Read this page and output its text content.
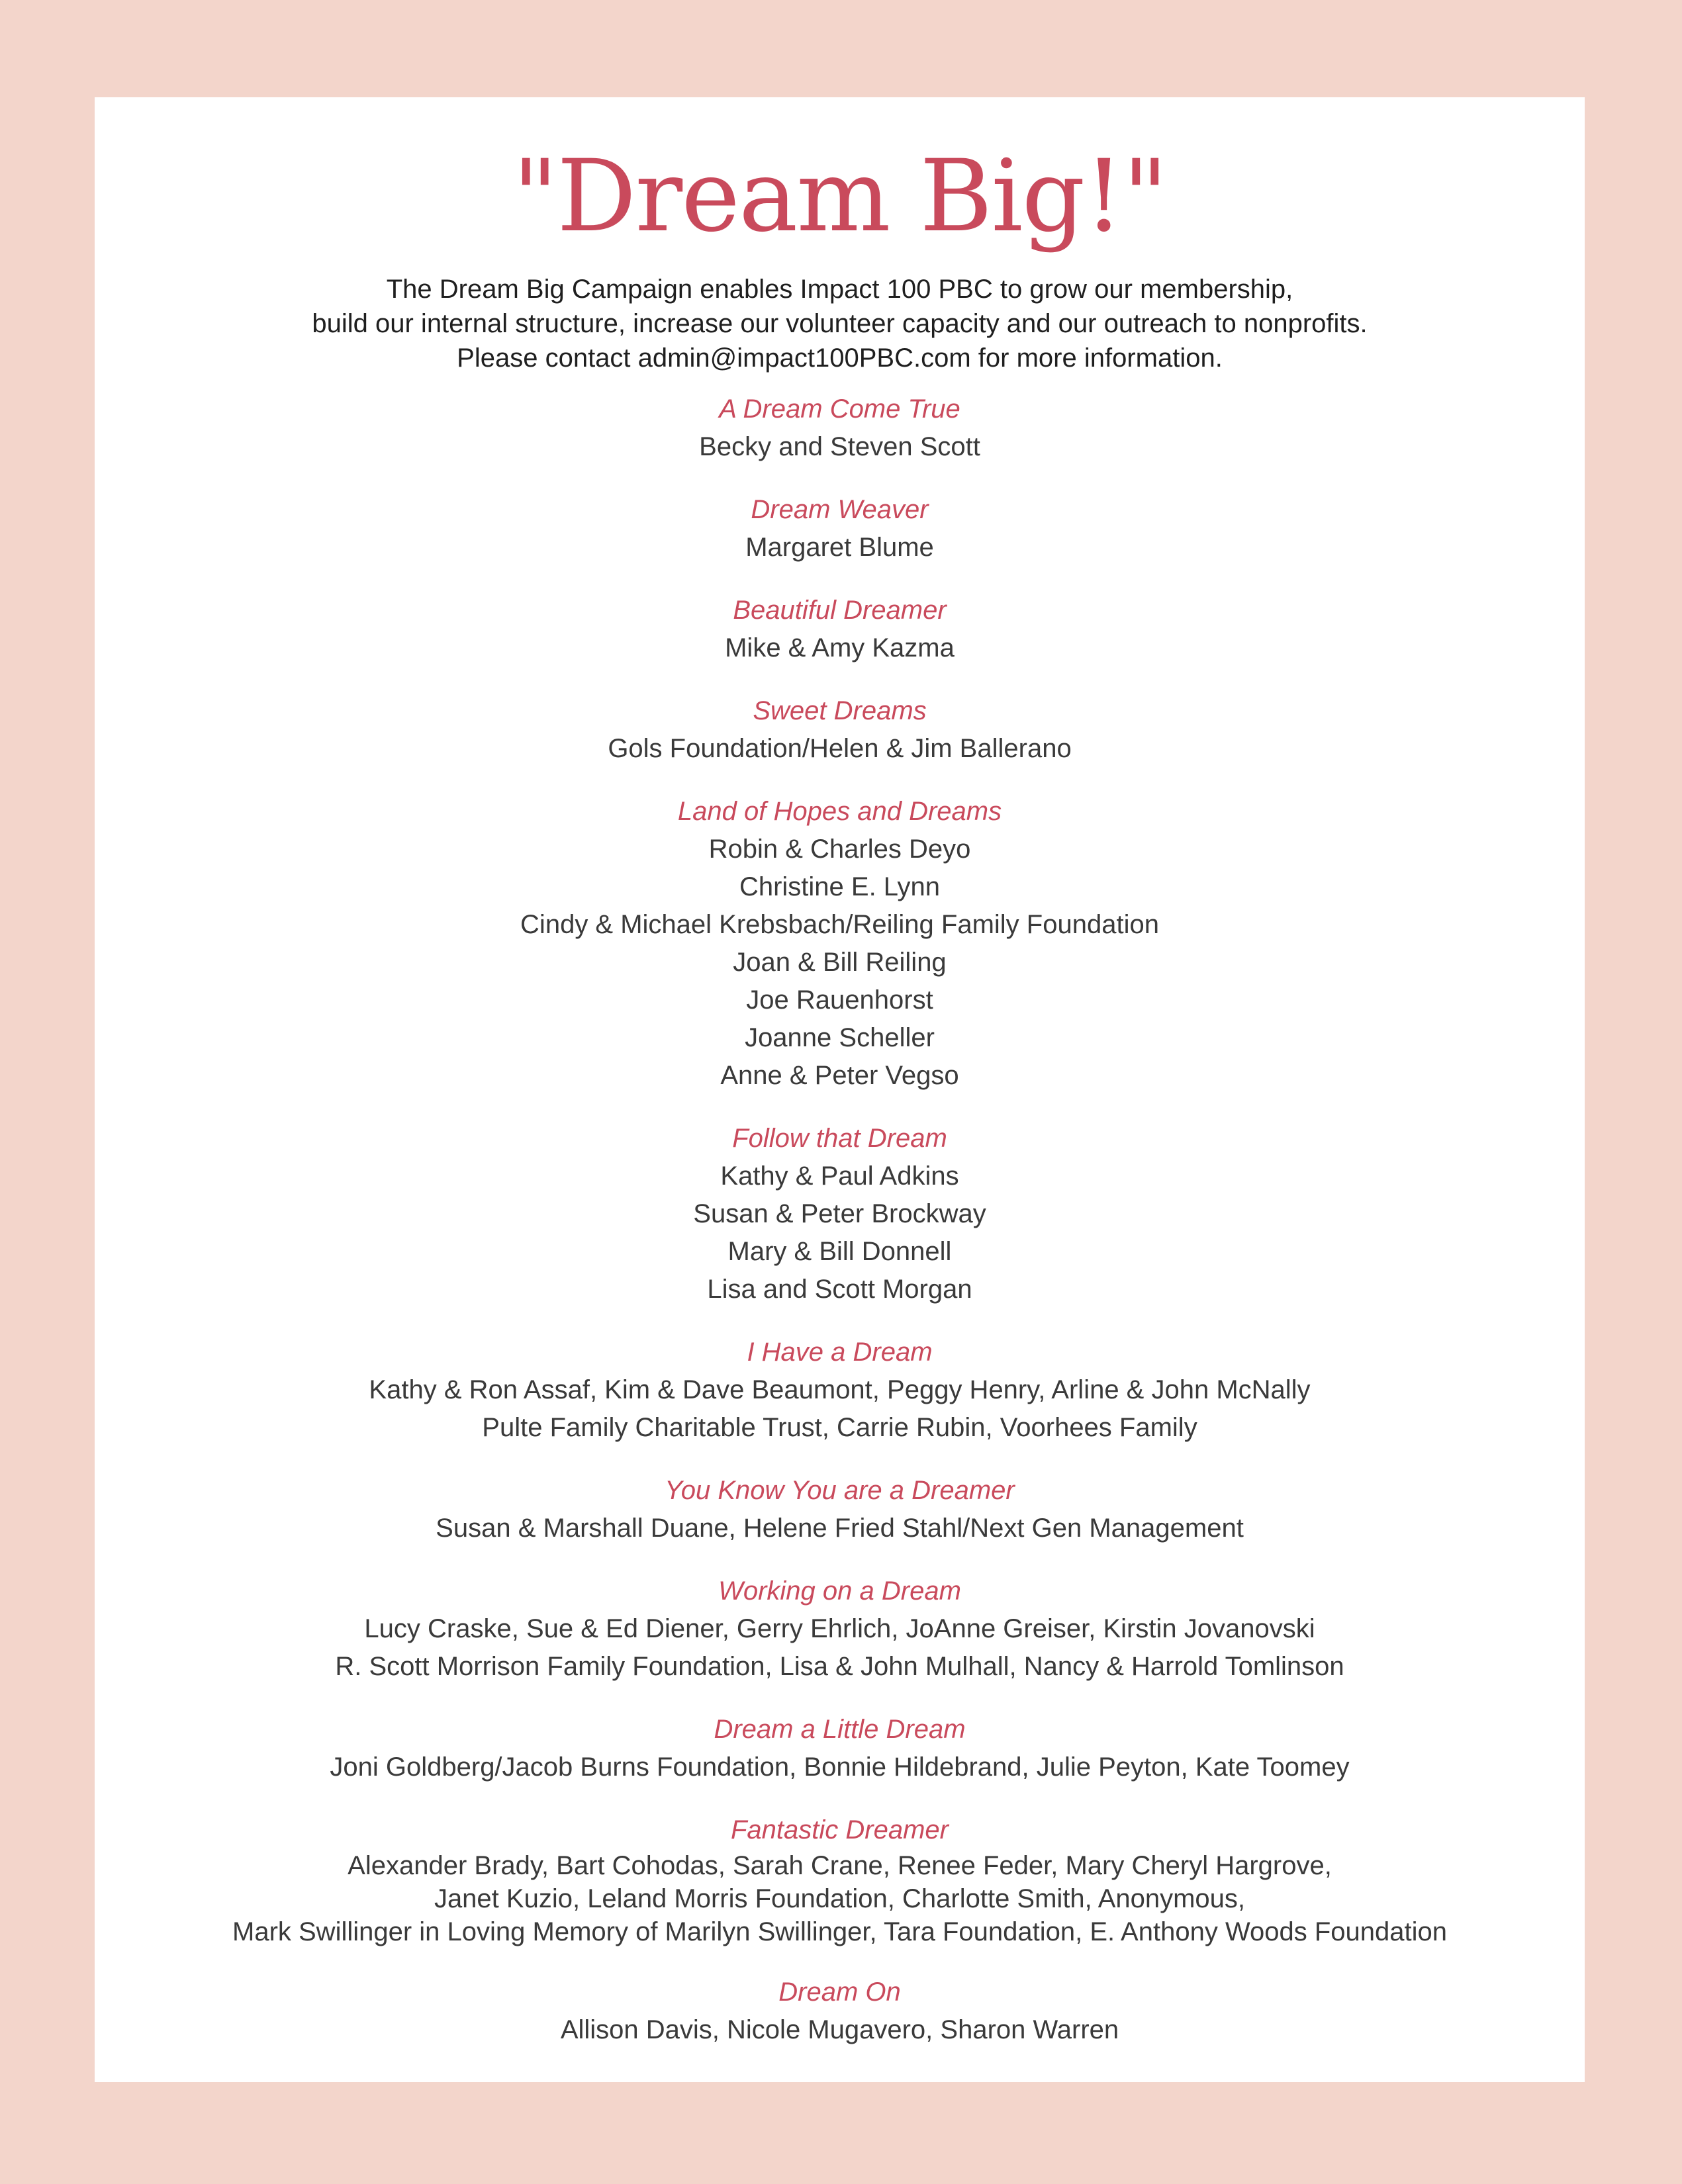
"Dream Big!"
The Dream Big Campaign enables Impact 100 PBC to grow our membership,
build our internal structure, increase our volunteer capacity and our outreach to nonprofits.
Please contact admin@impact100PBC.com for more information.
A Dream Come True
Becky and Steven Scott
Dream Weaver
Margaret Blume
Beautiful Dreamer
Mike & Amy Kazma
Sweet Dreams
Gols Foundation/Helen & Jim Ballerano
Land of Hopes and Dreams
Robin & Charles Deyo
Christine E. Lynn
Cindy & Michael Krebsbach/Reiling Family Foundation
Joan & Bill Reiling
Joe Rauenhorst
Joanne Scheller
Anne & Peter Vegso
Follow that Dream
Kathy & Paul Adkins
Susan & Peter Brockway
Mary & Bill Donnell
Lisa and Scott Morgan
I Have a Dream
Kathy & Ron Assaf, Kim & Dave Beaumont, Peggy Henry, Arline & John McNally
Pulte Family Charitable Trust, Carrie Rubin, Voorhees Family
You Know You are a Dreamer
Susan & Marshall Duane, Helene Fried Stahl/Next Gen Management
Working on a Dream
Lucy Craske, Sue & Ed Diener, Gerry Ehrlich, JoAnne Greiser, Kirstin Jovanovski
R. Scott Morrison Family Foundation, Lisa & John Mulhall, Nancy & Harrold Tomlinson
Dream a Little Dream
Joni Goldberg/Jacob Burns Foundation, Bonnie Hildebrand, Julie Peyton, Kate Toomey
Fantastic Dreamer
Alexander Brady, Bart Cohodas, Sarah Crane, Renee Feder, Mary Cheryl Hargrove,
Janet Kuzio, Leland Morris Foundation, Charlotte Smith, Anonymous,
Mark Swillinger in Loving Memory of Marilyn Swillinger, Tara Foundation, E. Anthony Woods Foundation
Dream On
Allison Davis, Nicole Mugavero, Sharon Warren
